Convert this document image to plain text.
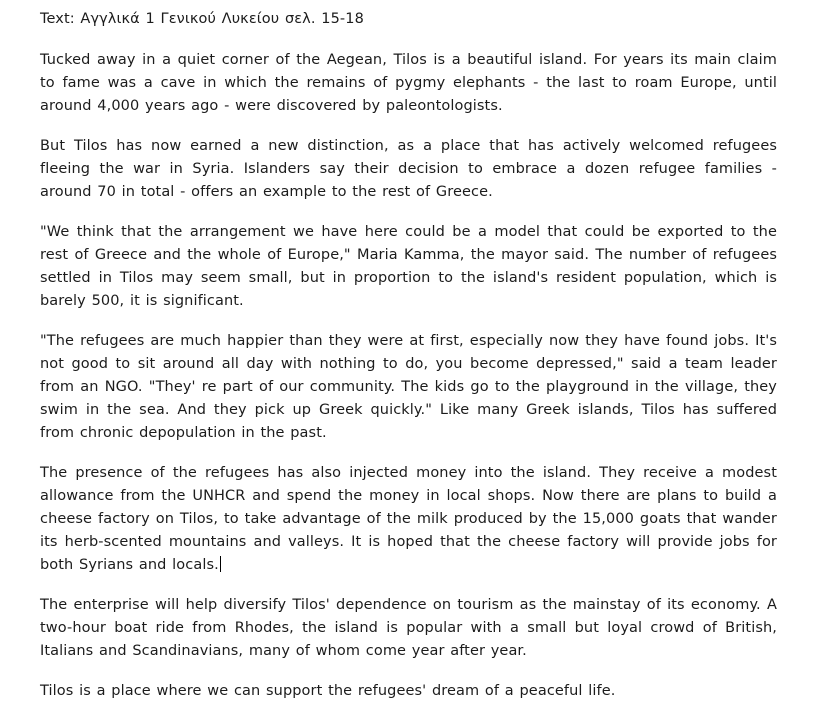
Text: Αγγλικά 1 Γενικού Λυκείου σελ. 15-18

Tucked away in a quiet corner of the Aegean, Tilos is a beautiful island. For years its main claim to fame was a cave in which the remains of pygmy elephants - the last to roam Europe, until around 4,000 years ago - were discovered by paleontologists.

But Tilos has now earned a new distinction, as a place that has actively welcomed refugees fleeing the war in Syria. Islanders say their decision to embrace a dozen refugee families - around 70 in total - offers an example to the rest of Greece.

"We think that the arrangement we have here could be a model that could be exported to the rest of Greece and the whole of Europe," Maria Kamma, the mayor said. The number of refugees settled in Tilos may seem small, but in proportion to the island's resident population, which is barely 500, it is significant.

"The refugees are much happier than they were at first, especially now they have found jobs. It's not good to sit around all day with nothing to do, you become depressed," said a team leader from an NGO. "They' re part of our community. The kids go to the playground in the village, they swim in the sea. And they pick up Greek quickly." Like many Greek islands, Tilos has suffered from chronic depopulation in the past.

The presence of the refugees has also injected money into the island. They receive a modest allowance from the UNHCR and spend the money in local shops. Now there are plans to build a cheese factory on Tilos, to take advantage of the milk produced by the 15,000 goats that wander its herb-scented mountains and valleys. It is hoped that the cheese factory will provide jobs for both Syrians and locals.

The enterprise will help diversify Tilos' dependence on tourism as the mainstay of its economy. A two-hour boat ride from Rhodes, the island is popular with a small but loyal crowd of British, Italians and Scandinavians, many of whom come year after year.

Tilos is a place where we can support the refugees' dream of a peaceful life.
